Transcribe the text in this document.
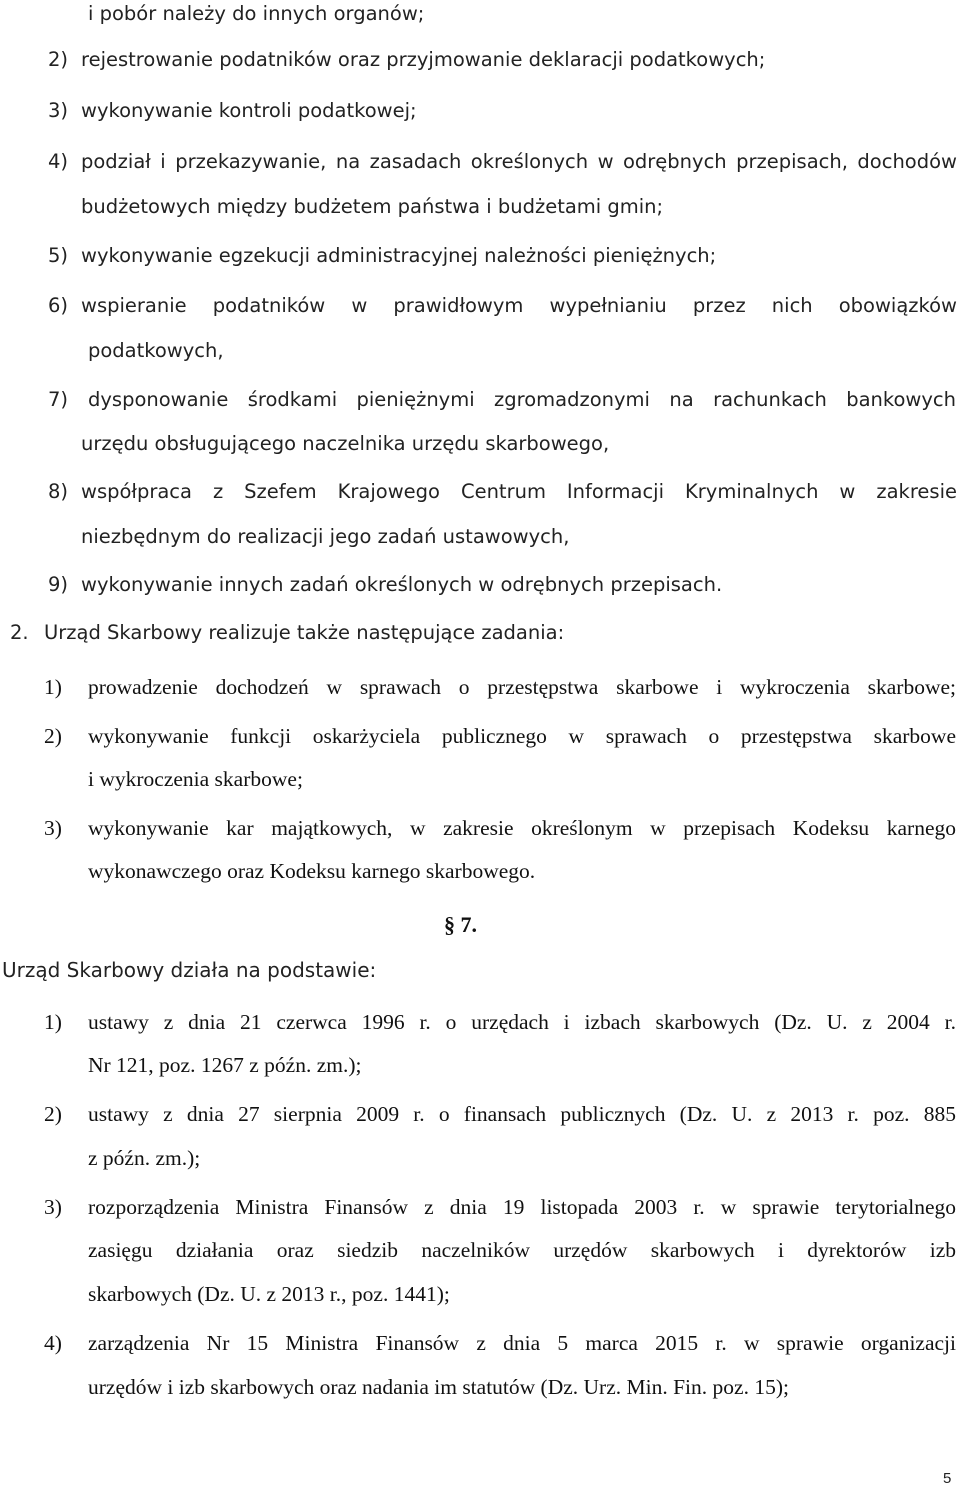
i pobór należy do innych organów;
2) rejestrowanie podatników oraz przyjmowanie deklaracji podatkowych;
3) wykonywanie kontroli podatkowej;
4) podział i przekazywanie, na zasadach określonych w odrębnych przepisach, dochodów
budżetowych między budżetem państwa i budżetami gmin;
5) wykonywanie egzekucji administracyjnej należności pieniężnych;
6) wspieranie podatników w prawidłowym wypełnianiu przez nich obowiązków
podatkowych,
7) dysponowanie środkami pieniężnymi zgromadzonymi na rachunkach bankowych
urzędu obsługującego naczelnika urzędu skarbowego,
8) współpraca z Szefem Krajowego Centrum Informacji Kryminalnych w zakresie
niezbędnym do realizacji jego zadań ustawowych,
9) wykonywanie innych zadań określonych w odrębnych przepisach.
2. Urząd Skarbowy realizuje także następujące zadania:
1) prowadzenie dochodzeń w sprawach o przestępstwa skarbowe i wykroczenia skarbowe;
2) wykonywanie funkcji oskarżyciela publicznego w sprawach o przestępstwa skarbowe
i wykroczenia skarbowe;
3) wykonywanie kar majątkowych, w zakresie określonym w przepisach Kodeksu karnego
wykonawczego oraz Kodeksu karnego skarbowego.
§ 7.
Urząd Skarbowy działa na podstawie:
1) ustawy z dnia 21 czerwca 1996 r. o urzędach i izbach skarbowych (Dz. U. z 2004 r.
Nr 121, poz. 1267 z późn. zm.);
2) ustawy z dnia 27 sierpnia 2009 r. o finansach publicznych (Dz. U. z 2013 r. poz. 885
z późn. zm.);
3) rozporządzenia Ministra Finansów z dnia 19 listopada 2003 r. w sprawie terytorialnego
zasięgu działania oraz siedzib naczelników urzędów skarbowych i dyrektorów izb
skarbowych (Dz. U. z 2013 r., poz. 1441);
4) zarządzenia Nr 15 Ministra Finansów z dnia 5 marca 2015 r. w sprawie organizacji
urzędów i izb skarbowych oraz nadania im statutów (Dz. Urz. Min. Fin. poz. 15);
5
